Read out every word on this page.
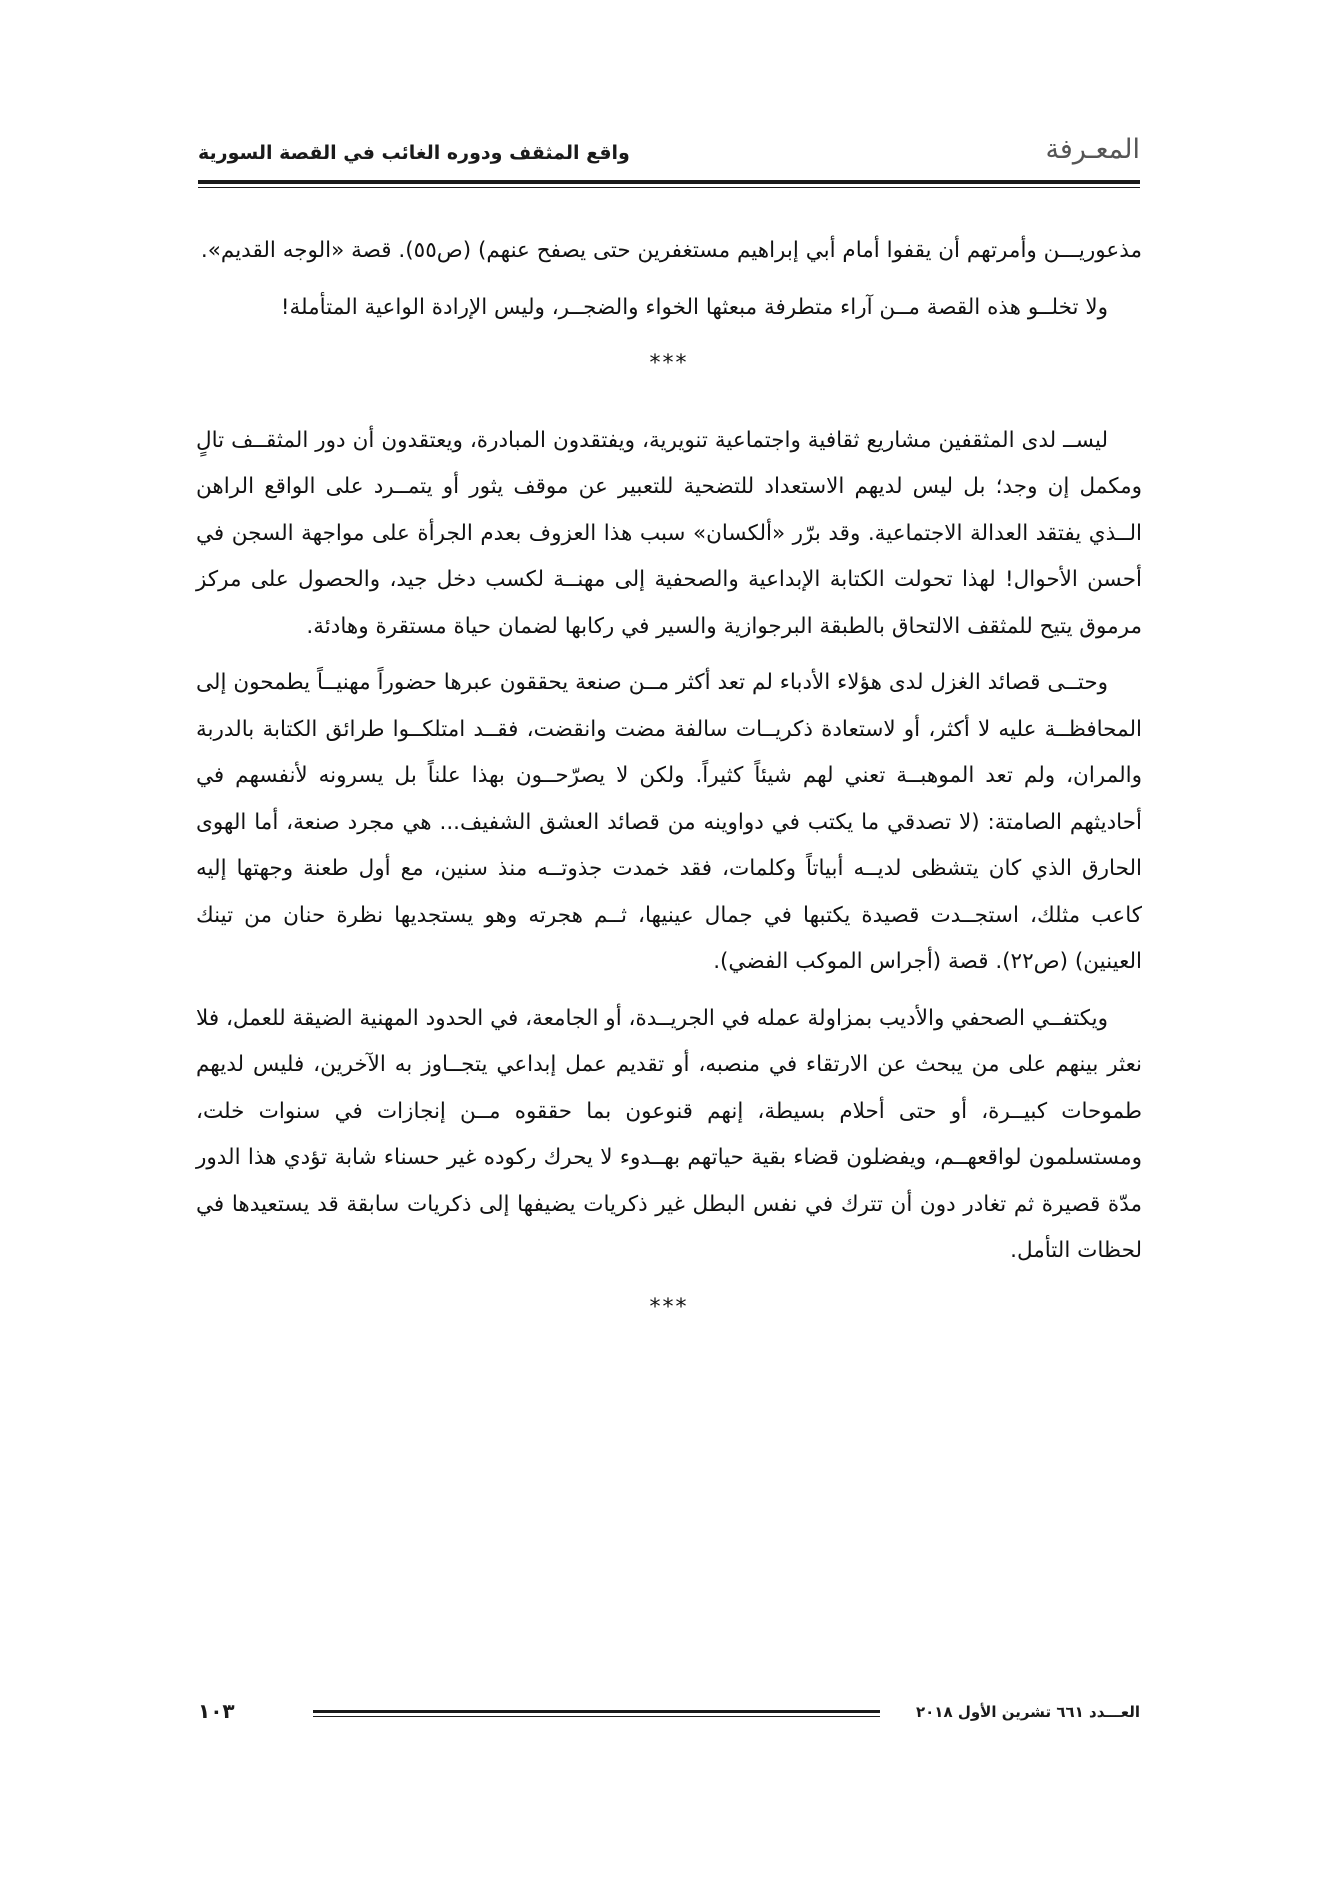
المعـرفة
واقع المثقف ودوره الغائب في القصة السورية

مذعوريـــن وأمرتهم أن يقفوا أمام أبي إبراهيم مستغفرين حتى يصفح عنهم) (ص٥٥). قصة «الوجه القديم».

ولا تخلــو هذه القصة مــن آراء متطرفة مبعثها الخواء والضجــر، وليس الإرادة الواعية المتأملة!

***

ليســ لدى المثقفين مشاريع ثقافية واجتماعية تنويرية، ويفتقدون المبادرة، ويعتقدون أن دور المثقــف تالٍ ومكمل إن وجد؛ بل ليس لديهم الاستعداد للتضحية للتعبير عن موقف يثور أو يتمــرد على الواقع الراهن الــذي يفتقد العدالة الاجتماعية. وقد برّر «ألكسان» سبب هذا العزوف بعدم الجرأة على مواجهة السجن في أحسن الأحوال! لهذا تحولت الكتابة الإبداعية والصحفية إلى مهنــة لكسب دخل جيد، والحصول على مركز مرموق يتيح للمثقف الالتحاق بالطبقة البرجوازية والسير في ركابها لضمان حياة مستقرة وهادئة.

وحتــى قصائد الغزل لدى هؤلاء الأدباء لم تعد أكثر مــن صنعة يحققون عبرها حضوراً مهنيــاً يطمحون إلى المحافظــة عليه لا أكثر، أو لاستعادة ذكريــات سالفة مضت وانقضت، فقــد امتلكــوا طرائق الكتابة بالدربة والمران، ولم تعد الموهبــة تعني لهم شيئاً كثيراً. ولكن لا يصرّحــون بهذا علناً بل يسرونه لأنفسهم في أحاديثهم الصامتة: (لا تصدقي ما يكتب في دواوينه من قصائد العشق الشفيف... هي مجرد صنعة، أما الهوى الحارق الذي كان يتشظى لديــه أبياتاً وكلمات، فقد خمدت جذوتــه منذ سنين، مع أول طعنة وجهتها إليه كاعب مثلك، استجــدت قصيدة يكتبها في جمال عينيها، ثــم هجرته وهو يستجديها نظرة حنان من تينك العينين) (ص٢٢). قصة (أجراس الموكب الفضي).

ويكتفــي الصحفي والأديب بمزاولة عمله في الجريــدة، أو الجامعة، في الحدود المهنية الضيقة للعمل، فلا نعثر بينهم على من يبحث عن الارتقاء في منصبه، أو تقديم عمل إبداعي يتجــاوز به الآخرين، فليس لديهم طموحات كبيــرة، أو حتى أحلام بسيطة، إنهم قنوعون بما حققوه مــن إنجازات في سنوات خلت، ومستسلمون لواقعهــم، ويفضلون قضاء بقية حياتهم بهــدوء لا يحرك ركوده غير حسناء شابة تؤدي هذا الدور مدّة قصيرة ثم تغادر دون أن تترك في نفس البطل غير ذكريات يضيفها إلى ذكريات سابقة قد يستعيدها في لحظات التأمل.

***

العـــدد ٦٦١ تشرين الأول ٢٠١٨
١٠٣
